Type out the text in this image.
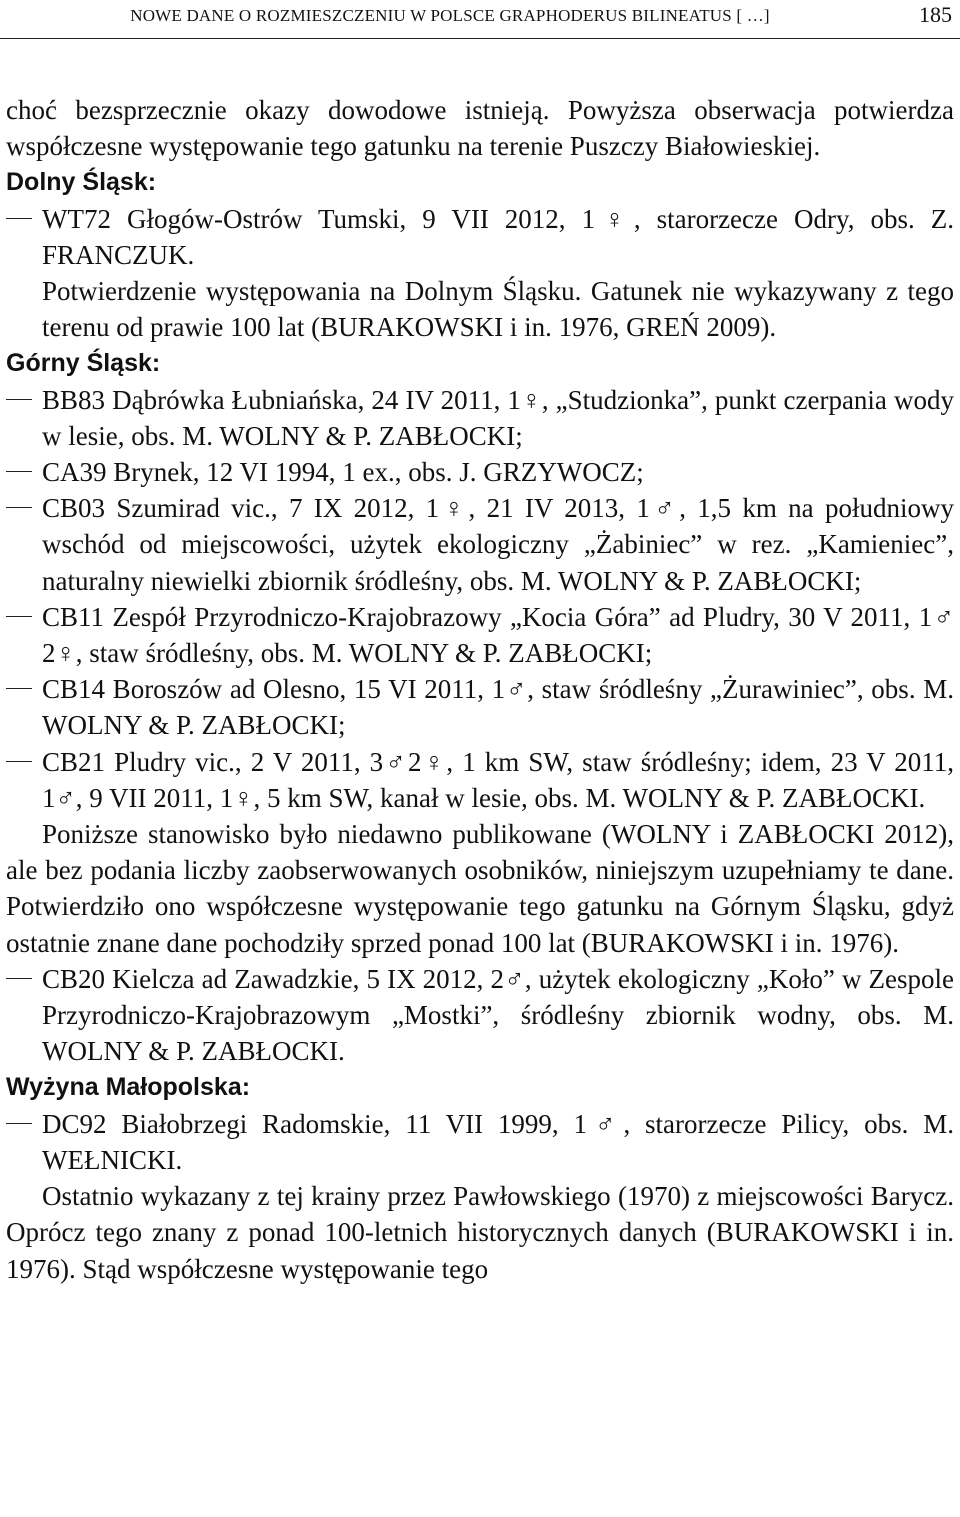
NOWE DANE O ROZMIESZCZENIU W POLSCE GRAPHODERUS BILINEATUS [ …]	185

choć bezsprzecznie okazy dowodowe istnieją. Powyższa obserwacja potwierdza współczesne występowanie tego gatunku na terenie Puszczy Białowieskiej.

Dolny Śląsk:

WT72 Głogów-Ostrów Tumski, 9 VII 2012, 1♀, starorzecze Odry, obs. Z. FRANCZUK.

Potwierdzenie występowania na Dolnym Śląsku. Gatunek nie wykazywany z tego terenu od prawie 100 lat (BURAKOWSKI i in. 1976, GREŃ 2009).

Górny Śląsk:

BB83 Dąbrówka Łubniańska, 24 IV 2011, 1♀, „Studzionka”, punkt czerpania wody w lesie, obs. M. WOLNY & P. ZABŁOCKI;
CA39 Brynek, 12 VI 1994, 1 ex., obs. J. GRZYWOCZ;
CB03 Szumirad vic., 7 IX 2012, 1♀, 21 IV 2013, 1♂, 1,5 km na południowy wschód od miejscowości, użytek ekologiczny „Żabiniec” w rez. „Kamieniec”, naturalny niewielki zbiornik śródleśny, obs. M. WOLNY & P. ZABŁOCKI;
CB11 Zespół Przyrodniczo-Krajobrazowy „Kocia Góra” ad Pludry, 30 V 2011, 1♂ 2♀, staw śródleśny, obs. M. WOLNY & P. ZABŁOCKI;
CB14 Boroszów ad Olesno, 15 VI 2011, 1♂, staw śródleśny „Żurawiniec”, obs. M. WOLNY & P. ZABŁOCKI;
CB21 Pludry vic., 2 V 2011, 3♂2♀, 1 km SW, staw śródleśny; idem, 23 V 2011, 1♂, 9 VII 2011, 1♀, 5 km SW, kanał w lesie, obs. M. WOLNY & P. ZABŁOCKI.

Poniższe stanowisko było niedawno publikowane (WOLNY i ZABŁOCKI 2012), ale bez podania liczby zaobserwowanych osobników, niniejszym uzupełniamy te dane. Potwierdziło ono współczesne występowanie tego gatunku na Górnym Śląsku, gdyż ostatnie znane dane pochodziły sprzed ponad 100 lat (BURAKOWSKI i in. 1976).

CB20 Kielcza ad Zawadzkie, 5 IX 2012, 2♂, użytek ekologiczny „Koło” w Zespole Przyrodniczo-Krajobrazowym „Mostki”, śródleśny zbiornik wodny, obs. M. WOLNY & P. ZABŁOCKI.

Wyżyna Małopolska:

DC92 Białobrzegi Radomskie, 11 VII 1999, 1♂, starorzecze Pilicy, obs. M. WEŁNICKI.

Ostatnio wykazany z tej krainy przez Pawłowskiego (1970) z miejscowości Barycz. Oprócz tego znany z ponad 100-letnich historycznych danych (BURAKOWSKI i in. 1976). Stąd współczesne występowanie tego
